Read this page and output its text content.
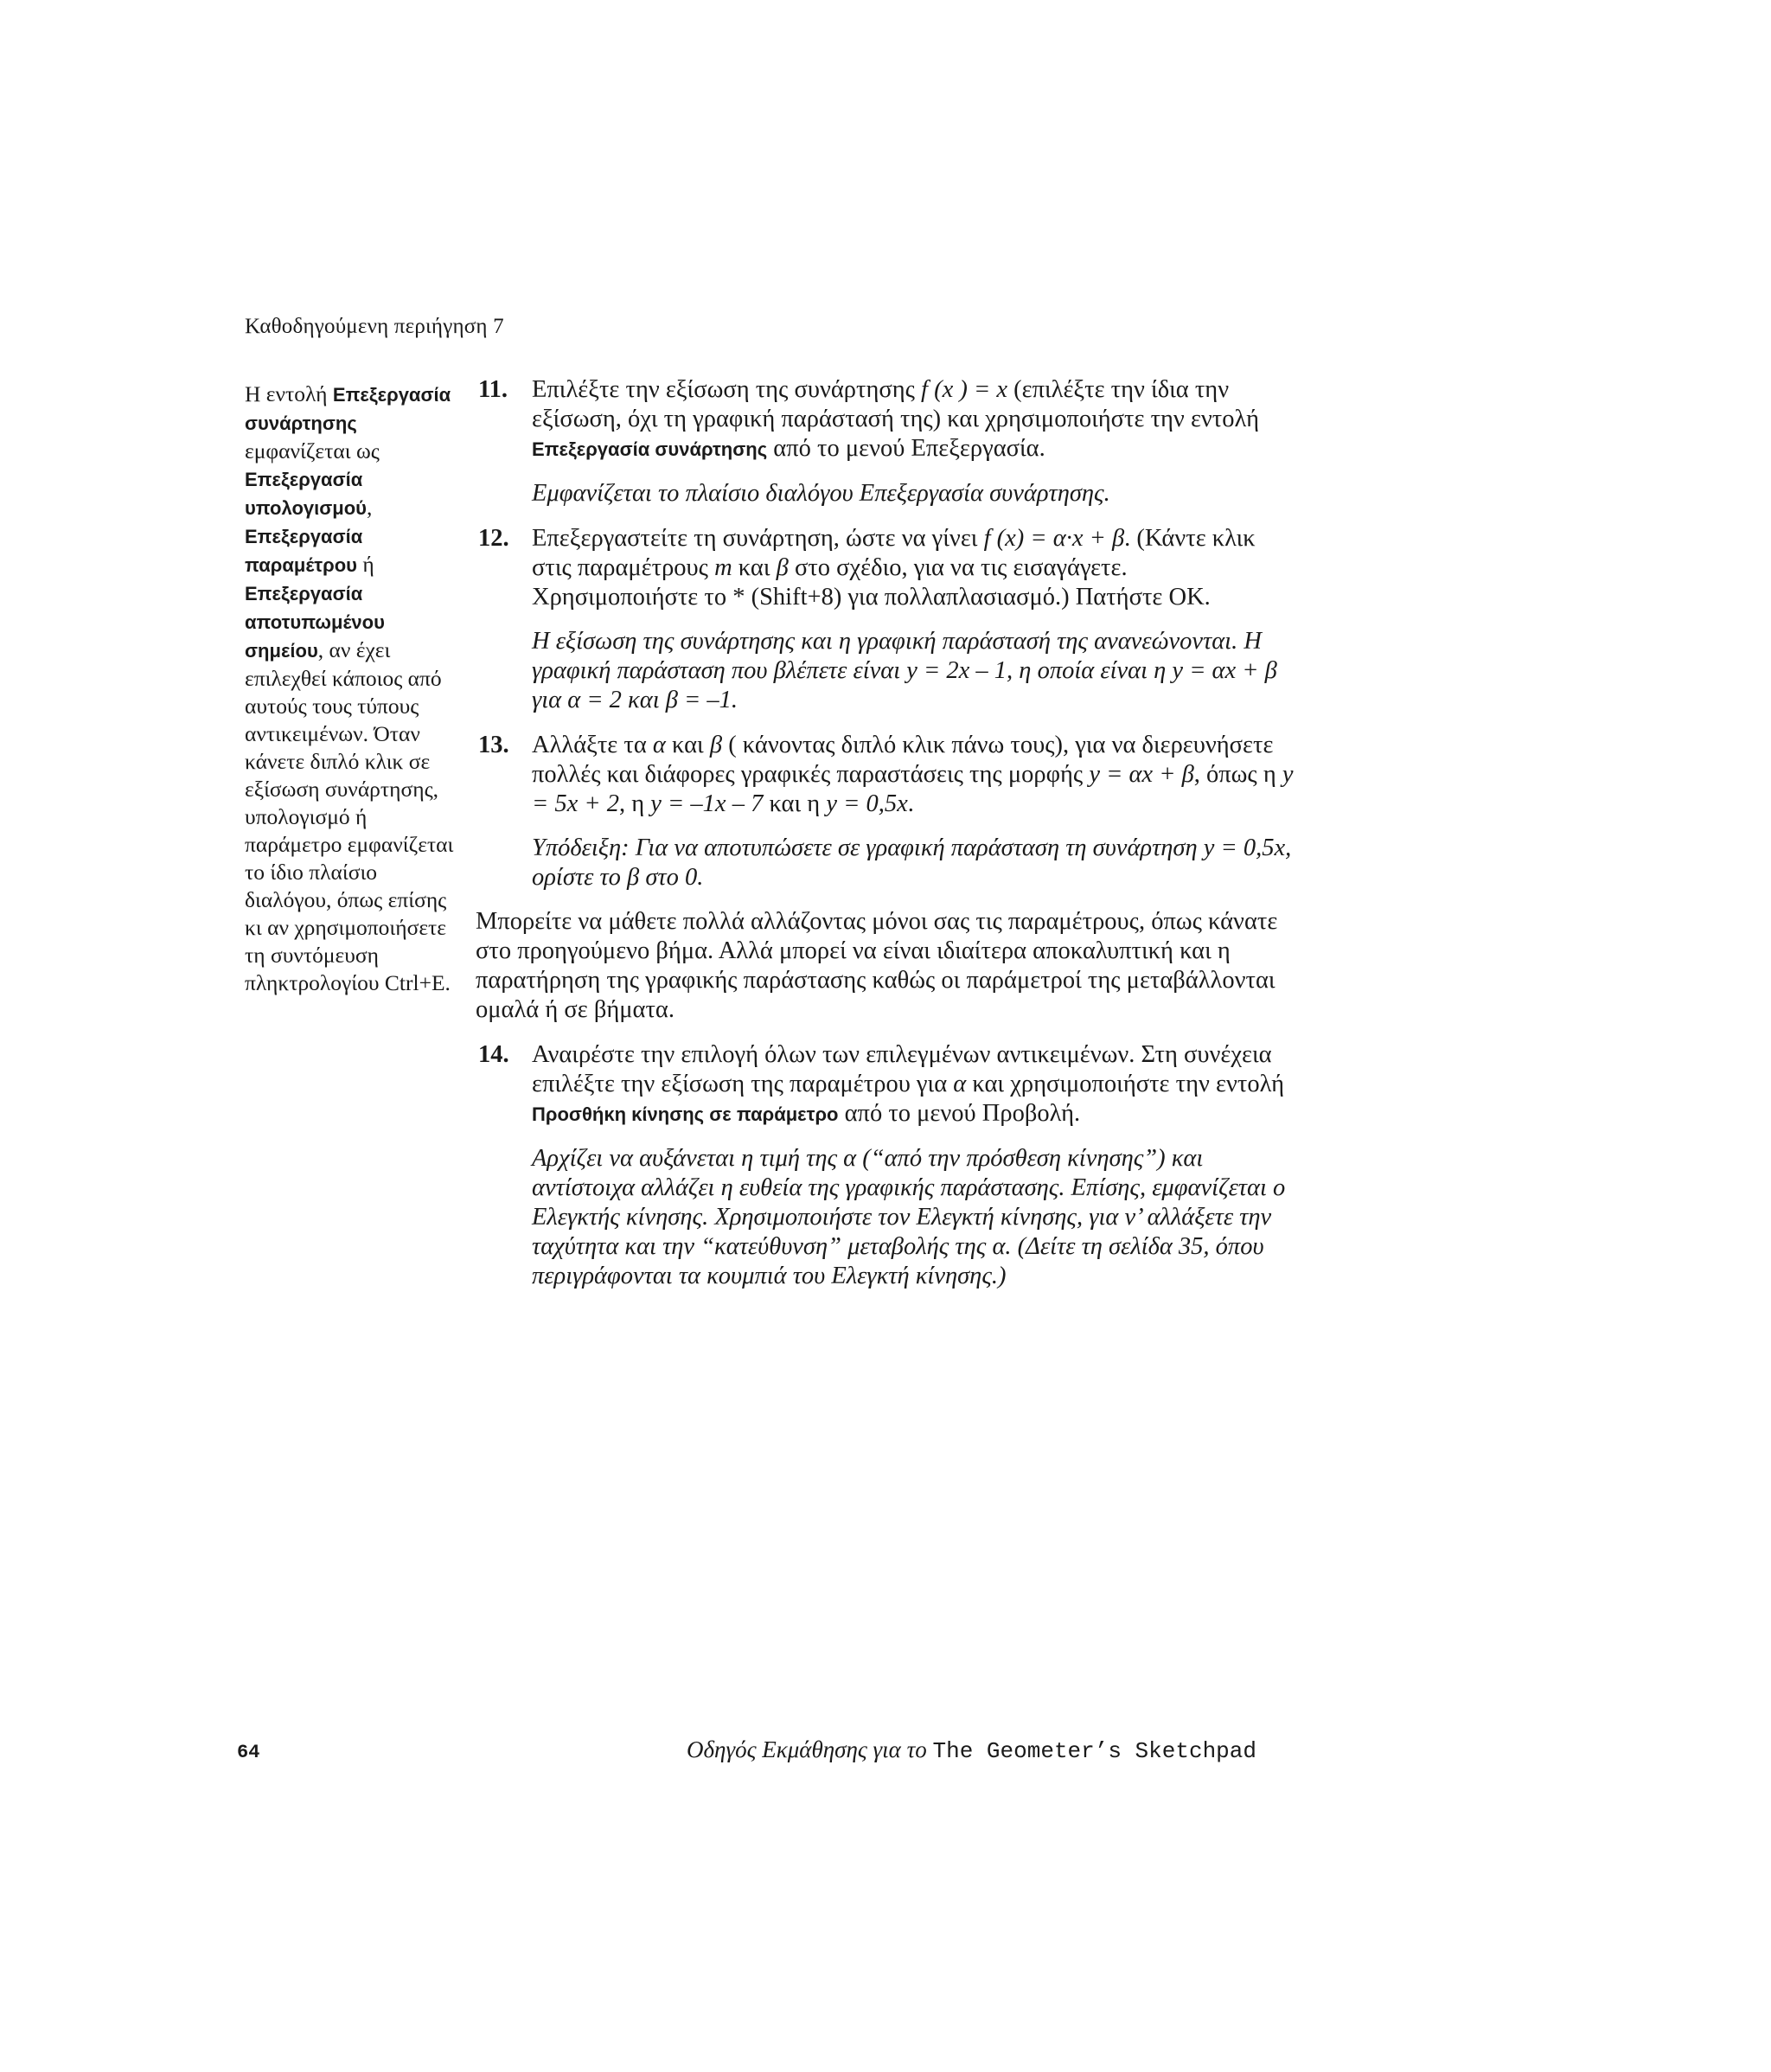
Καθοδηγούμενη περιήγηση 7

Η εντολή Επεξεργασία συνάρτησης εμφανίζεται ως Επεξεργασία υπολογισμού, Επεξεργασία παραμέτρου ή Επεξεργασία αποτυπωμένου σημείου, αν έχει επιλεχθεί κάποιος από αυτούς τους τύπους αντικειμένων. Όταν κάνετε διπλό κλικ σε εξίσωση συνάρτησης, υπολογισμό ή παράμετρο εμφανίζεται το ίδιο πλαίσιο διαλόγου, όπως επίσης κι αν χρησιμοποιήσετε τη συντόμευση πληκτρολογίου Ctrl+E.

11. Επιλέξτε την εξίσωση της συνάρτησης f (x ) = x (επιλέξτε την ίδια την εξίσωση, όχι τη γραφική παράστασή της) και χρησιμοποιήστε την εντολή Επεξεργασία συνάρτησης από το μενού Επεξεργασία.

Εμφανίζεται το πλαίσιο διαλόγου Επεξεργασία συνάρτησης.

12. Επεξεργαστείτε τη συνάρτηση, ώστε να γίνει f (x) = α·x + β. (Κάντε κλικ στις παραμέτρους m και β στο σχέδιο, για να τις εισαγάγετε. Χρησιμοποιήστε το * (Shift+8) για πολλαπλασιασμό.) Πατήστε ΟΚ.

Η εξίσωση της συνάρτησης και η γραφική παράστασή της ανανεώνονται. Η γραφική παράσταση που βλέπετε είναι y = 2x – 1, η οποία είναι η y = αx + β για α = 2 και β = –1.

13. Αλλάξτε τα α και β ( κάνοντας διπλό κλικ πάνω τους), για να διερευνήσετε πολλές και διάφορες γραφικές παραστάσεις της μορφής y = αx + β, όπως η y = 5x + 2, η y = –1x – 7 και η y = 0,5x.

Υπόδειξη: Για να αποτυπώσετε σε γραφική παράσταση τη συνάρτηση y = 0,5x, ορίστε το β στο 0.

Μπορείτε να μάθετε πολλά αλλάζοντας μόνοι σας τις παραμέτρους, όπως κάνατε στο προηγούμενο βήμα. Αλλά μπορεί να είναι ιδιαίτερα αποκαλυπτική και η παρατήρηση της γραφικής παράστασης καθώς οι παράμετροί της μεταβάλλονται ομαλά ή σε βήματα.

14. Αναιρέστε την επιλογή όλων των επιλεγμένων αντικειμένων. Στη συνέχεια επιλέξτε την εξίσωση της παραμέτρου για α και χρησιμοποιήστε την εντολή Προσθήκη κίνησης σε παράμετρο από το μενού Προβολή.

Αρχίζει να αυξάνεται η τιμή της α (“από την πρόσθεση κίνησης”) και αντίστοιχα αλλάζει η ευθεία της γραφικής παράστασης. Επίσης, εμφανίζεται ο Ελεγκτής κίνησης. Χρησιμοποιήστε τον Ελεγκτή κίνησης, για ν’ αλλάξετε την ταχύτητα και την “κατεύθυνση” μεταβολής της α. (Δείτε τη σελίδα 35, όπου περιγράφονται τα κουμπιά του Ελεγκτή κίνησης.)

64	Οδηγός Εκμάθησης για το The Geometer’s Sketchpad
